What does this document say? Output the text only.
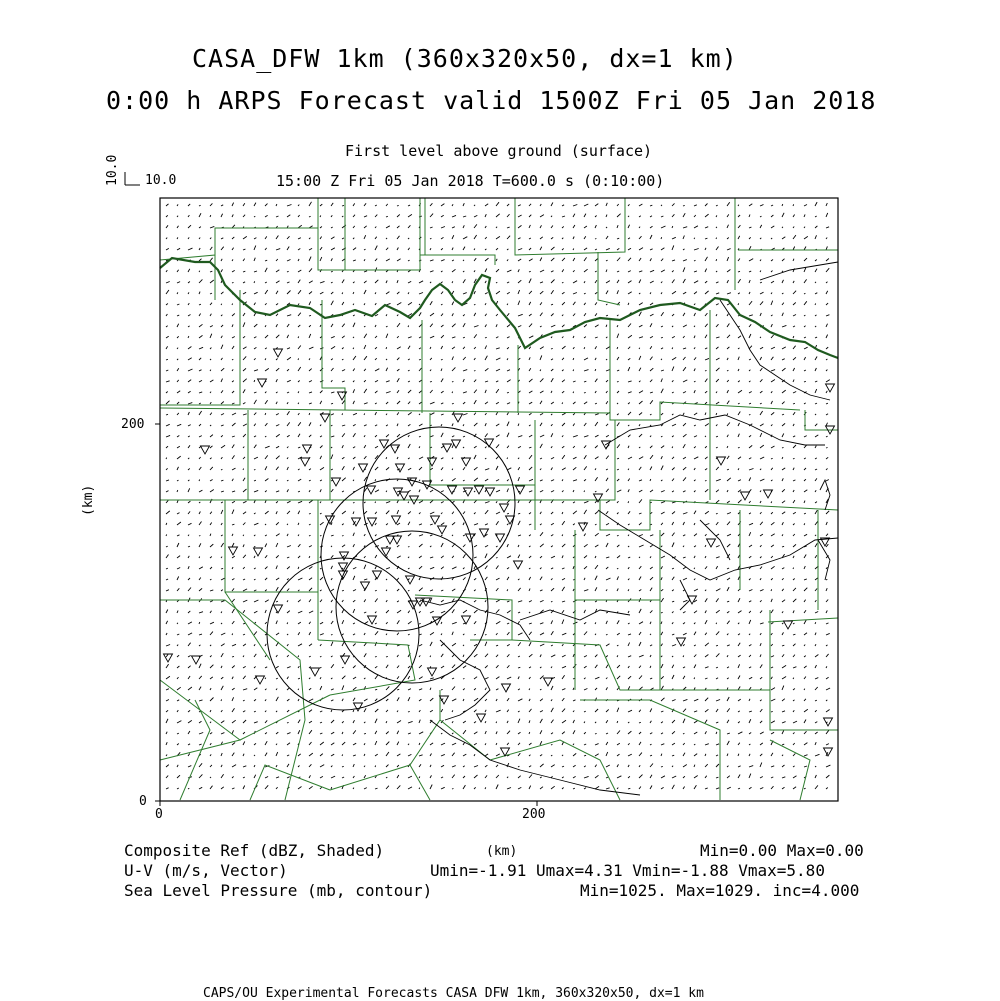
CASA_DFW 1km (360x320x50, dx=1 km)
0:00 h ARPS Forecast valid 1500Z Fri 05 Jan 2018
First level above ground (surface)
15:00 Z Fri 05 Jan 2018 T=600.0 s (0:10:00)
10.0 10.0
0	200
0
200
(km)
(km)
Composite Ref (dBZ, Shaded)	Min=0.00 Max=0.00
U-V (m/s, Vector)	Umin=-1.91 Umax=4.31 Vmin=-1.88 Vmax=5.80
Sea Level Pressure (mb, contour)	Min=1025. Max=1029. inc=4.000
CAPS/OU Experimental Forecasts CASA DFW 1km, 360x320x50, dx=1 km
